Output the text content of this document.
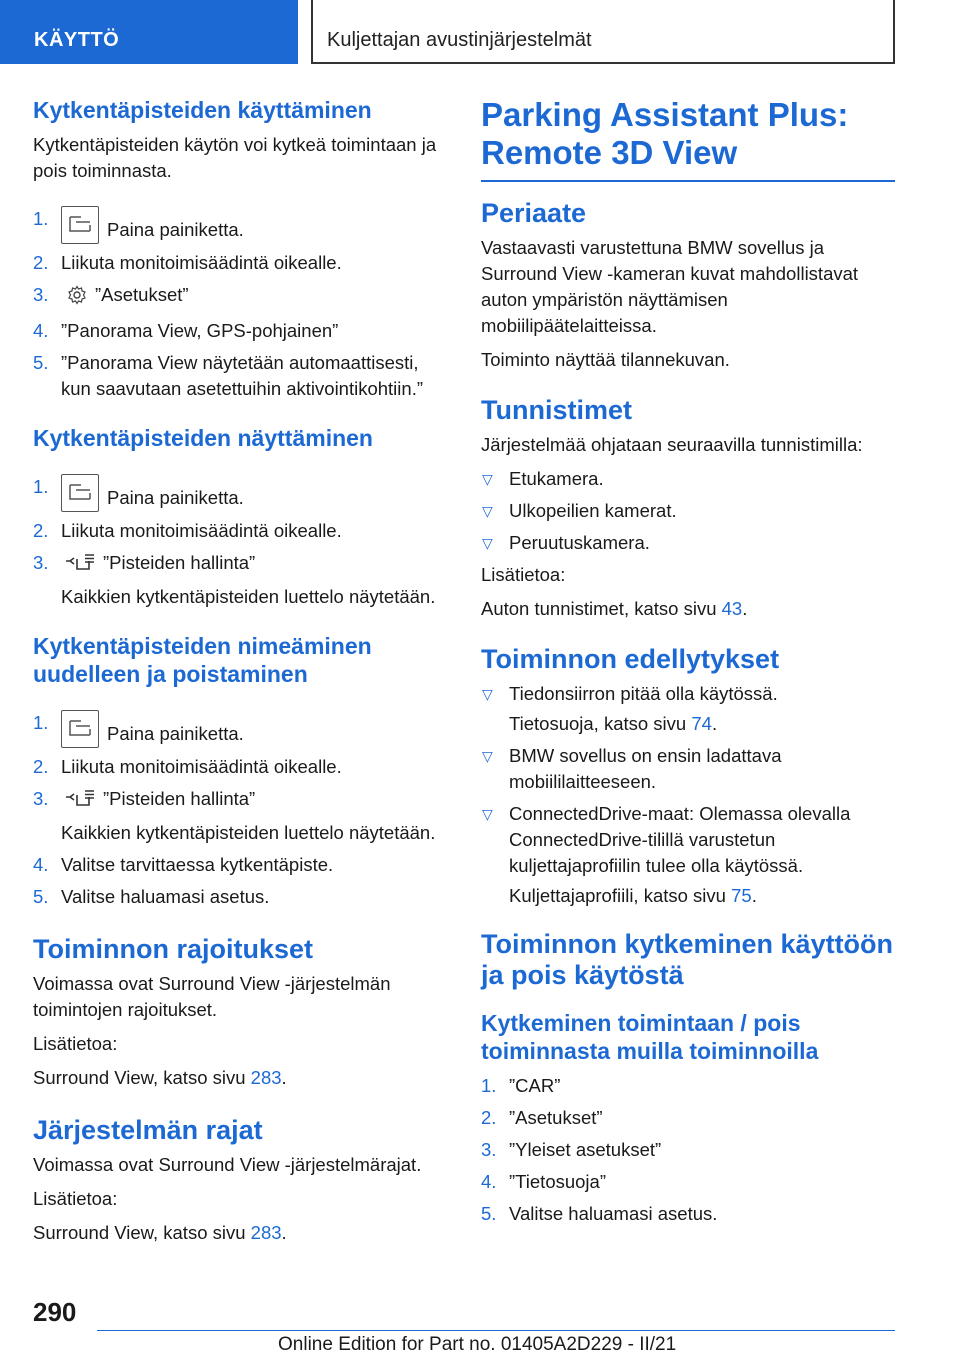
KÄYTTÖ	Kuljettajan avustinjärjestelmät
Kytkentäpisteiden käyttäminen

Kytkentäpisteiden käytön voi kytkeä toimintaan ja pois toiminnasta.

1.
Paina painiketta.
2. Liikuta monitoimisäädintä oikealle.
3.	”Asetukset”
4. ”Panorama View, GPS-pohjainen”
5. ”Panorama View näytetään automaattisesti, kun saavutaan asetettuihin aktivointikohtiin.”
Kytkentäpisteiden näyttäminen
1.
Paina painiketta.
2. Liikuta monitoimisäädintä oikealle.
3.	”Pisteiden hallinta”
Kaikkien kytkentäpisteiden luettelo näytetään.
Kytkentäpisteiden nimeäminen uudelleen ja poistaminen
1.
Paina painiketta.
2. Liikuta monitoimisäädintä oikealle.
3.	”Pisteiden hallinta”
Kaikkien kytkentäpisteiden luettelo näytetään.
4. Valitse tarvittaessa kytkentäpiste.
5. Valitse haluamasi asetus.
Toiminnon rajoitukset

Voimassa ovat Surround View -järjestelmän toimintojen rajoitukset.

Lisätietoa:

Surround View, katso sivu 283.

Järjestelmän rajat

Voimassa ovat Surround View -järjestelmärajat.

Lisätietoa:

Surround View, katso sivu 283.

Parking Assistant Plus: Remote 3D View
Periaate

Vastaavasti varustettuna BMW sovellus ja Surround View -kameran kuvat mahdollistavat auton ympäristön näyttämisen mobiilipäätelaitteissa.

Toiminto näyttää tilannekuvan.

Tunnistimet

Järjestelmää ohjataan seuraavilla tunnistimilla:

▽ Etukamera.
▽ Ulkopeilien kamerat.
▽ Peruutuskamera.

Lisätietoa:

Auton tunnistimet, katso sivu 43.

Toiminnon edellytykset
▽ Tiedonsiirron pitää olla käytössä.
Tietosuoja, katso sivu 74.
▽ BMW sovellus on ensin ladattava mobiililaitteeseen.
▽ ConnectedDrive-maat: Olemassa olevalla ConnectedDrive-tilillä varustetun kuljettajaprofiilin tulee olla käytössä.
Kuljettajaprofiili, katso sivu 75.
Toiminnon kytkeminen käyttöön ja pois käytöstä
Kytkeminen toimintaan / pois toiminnasta muilla toiminnoilla
1. ”CAR”
2. ”Asetukset”
3. ”Yleiset asetukset”
4. ”Tietosuoja”
5. Valitse haluamasi asetus.
290
Online Edition for Part no. 01405A2D229 - II/21
